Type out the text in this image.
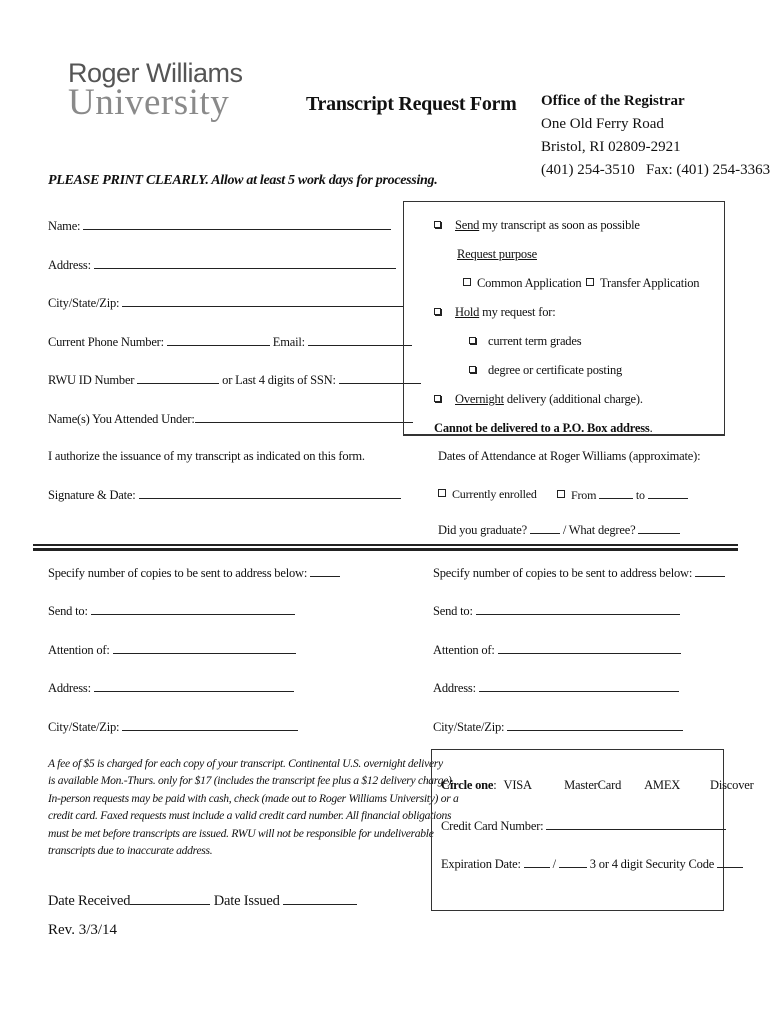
Roger Williams
University	Transcript Request Form Office of the Registrar
One Old Ferry Road
Bristol, RI 02809-2921
(401) 254-3510   Fax: (401) 254-3363
PLEASE PRINT CLEARLY. Allow at least 5 work days for processing.
Name:
Address:
City/State/Zip:
Current Phone Number:	Email:
RWU ID Number	or Last 4 digits of SSN:
Name(s) You Attended Under:
I authorize the issuance of my transcript as indicated on this form.
Signature & Date:
Send my transcript as soon as possible
Request purpose
Common Application	Transfer Application
Hold my request for:
current term grades
degree or certificate posting
Overnight delivery (additional charge).
Cannot be delivered to a P.O. Box address.
Dates of Attendance at Roger Williams (approximate):
Currently enrolled	From	to
Did you graduate?	/ What degree?
Specify number of copies to be sent to address below:
Send to:
Attention of:
Address:
City/State/Zip:
Specify number of copies to be sent to address below:
Send to:
Attention of:
Address:
City/State/Zip:
A fee of $5 is charged for each copy of your transcript. Continental U.S. overnight delivery
is available Mon.-Thurs. only for $17 (includes the transcript fee plus a $12 delivery charge).
In-person requests may be paid with cash, check (made out to Roger Williams University) or a
credit card. Faxed requests must include a valid credit card number. All financial obligations
must be met before transcripts are issued. RWU will not be responsible for undeliverable
transcripts due to inaccurate address.
Circle one: VISA	MasterCard AMEX Discover
Credit Card Number:
Expiration Date:	/	3 or 4 digit Security Code
Date Received	Date Issued
Rev. 3/3/14
